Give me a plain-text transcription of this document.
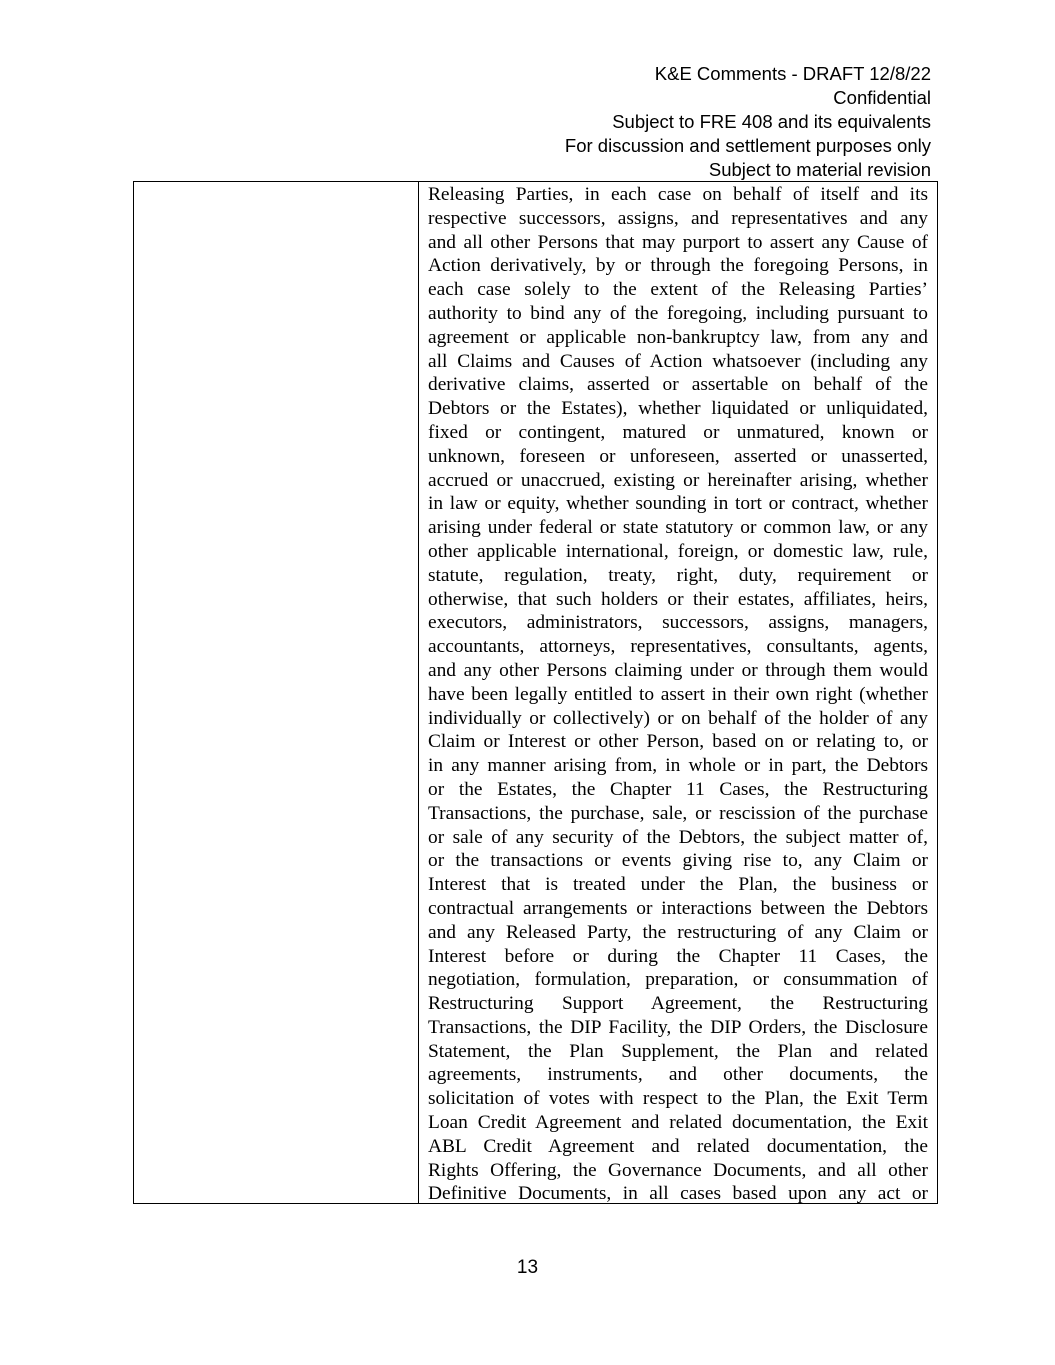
K&E Comments - DRAFT 12/8/22
Confidential
Subject to FRE 408 and its equivalents
For discussion and settlement purposes only
Subject to material revision
Releasing Parties, in each case on behalf of itself and its
respective successors, assigns, and representatives and any
and all other Persons that may purport to assert any Cause of
Action derivatively, by or through the foregoing Persons, in
each case solely to the extent of the Releasing Parties’
authority to bind any of the foregoing, including pursuant to
agreement or applicable non-bankruptcy law, from any and
all Claims and Causes of Action whatsoever (including any
derivative claims, asserted or assertable on behalf of the
Debtors or the Estates), whether liquidated or unliquidated,
fixed or contingent, matured or unmatured, known or
unknown, foreseen or unforeseen, asserted or unasserted,
accrued or unaccrued, existing or hereinafter arising, whether
in law or equity, whether sounding in tort or contract, whether
arising under federal or state statutory or common law, or any
other applicable international, foreign, or domestic law, rule,
statute, regulation, treaty, right, duty, requirement or
otherwise, that such holders or their estates, affiliates, heirs,
executors, administrators, successors, assigns, managers,
accountants, attorneys, representatives, consultants, agents,
and any other Persons claiming under or through them would
have been legally entitled to assert in their own right (whether
individually or collectively) or on behalf of the holder of any
Claim or Interest or other Person, based on or relating to, or
in any manner arising from, in whole or in part, the Debtors
or the Estates, the Chapter 11 Cases, the Restructuring
Transactions, the purchase, sale, or rescission of the purchase
or sale of any security of the Debtors, the subject matter of,
or the transactions or events giving rise to, any Claim or
Interest that is treated under the Plan, the business or
contractual arrangements or interactions between the Debtors
and any Released Party, the restructuring of any Claim or
Interest before or during the Chapter 11 Cases, the
negotiation, formulation, preparation, or consummation of
Restructuring Support Agreement, the Restructuring
Transactions, the DIP Facility, the DIP Orders, the Disclosure
Statement, the Plan Supplement, the Plan and related
agreements, instruments, and other documents, the
solicitation of votes with respect to the Plan, the Exit Term
Loan Credit Agreement and related documentation, the Exit
ABL Credit Agreement and related documentation, the
Rights Offering, the Governance Documents, and all other
Definitive Documents, in all cases based upon any act or
13
